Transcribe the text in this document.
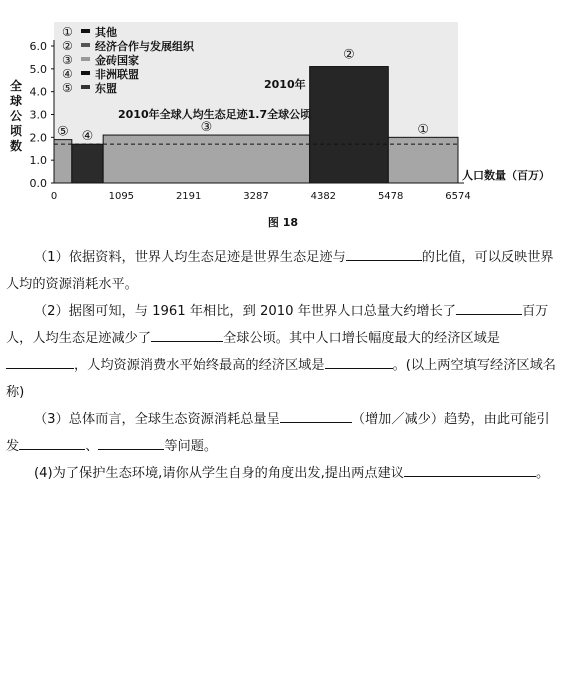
0.0
1.0
2.0
3.0
4.0
5.0
6.0
0	1095	2191	3287	4382	5478	6574
⑤ ④
③
②
①
全
球
公
顷
数
人口数量（百万）
2010年
2010年全球人均生态足迹1.7全球公顷
① 其他
② 经济合作与发展组织
③ 金砖国家
④ 非洲联盟
⑤ 东盟
图 18
（1）依据资料，世界人均生态足迹是世界生态足迹与	的比值，可以反映世界人均的资源消耗水平。
（2）据图可知，与 1961 年相比，到 2010 年世界人口总量大约增长了	百万人，人均生态足迹减少了	全球公顷。其中人口增长幅度最大的经济区域是，人均资源消费水平始终最高的经济区域是	。(以上两空填写经济区域名称)
（3）总体而言，全球生态资源消耗总量呈	（增加／减少）趋势，由此可能引发	、	等问题。
(4)为了保护生态环境,请你从学生自身的角度出发,提出两点建议	。
